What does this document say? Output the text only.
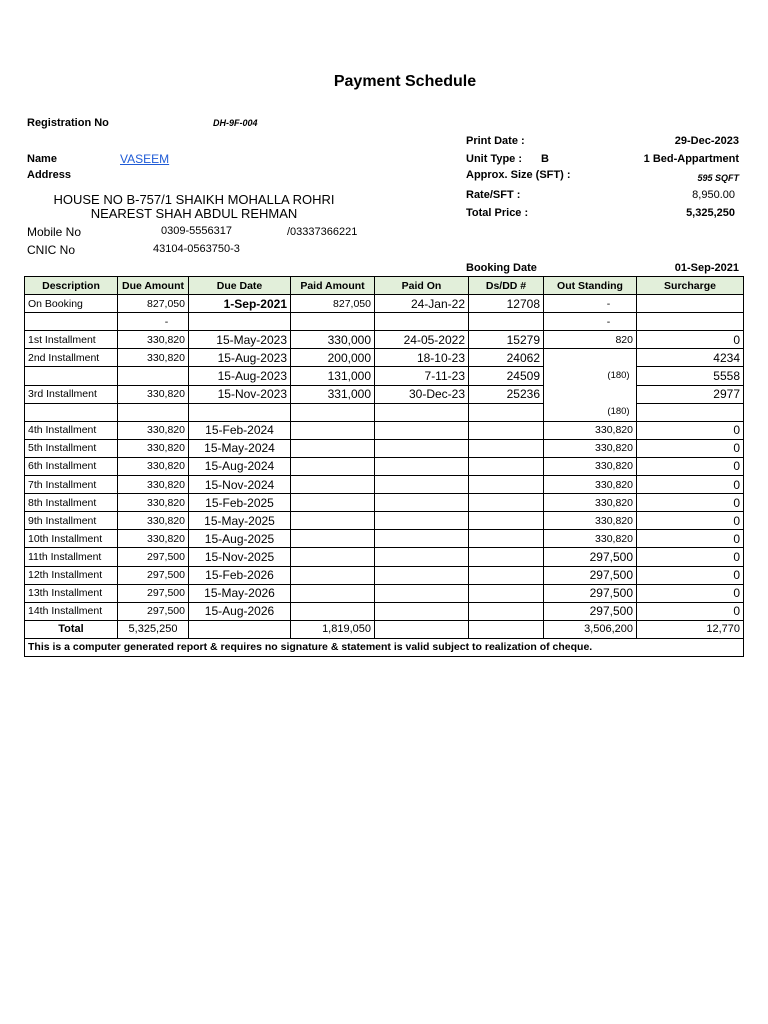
Payment Schedule
Registration No	DH-9F-004
Name	VASEEM
Address
HOUSE NO B-757/1 SHAIKH MOHALLA ROHRI
NEAREST SHAH ABDUL REHMAN
Mobile No	0309-5556317	/03337366221
CNIC No	43104-0563750-3
Print Date :	29-Dec-2023
Unit Type : B	1 Bed-Appartment
Approx. Size (SFT) :	595 SQFT
Rate/SFT :	8,950.00
Total Price :	5,325,250
Booking Date	01-Sep-2021
Description	Due Amount	Due Date	Paid Amount	Paid On	Ds/DD #	Out Standing	Surcharge
On Booking	827,050	1-Sep-2021	827,050	24-Jan-22	12708	-	
	-					-	
1st Installment	330,820	15-May-2023	330,000	24-05-2022	15279	820	0
2nd Installment	330,820	15-Aug-2023	200,000	18-10-23	24062		4234
		15-Aug-2023	131,000	7-11-23	24509	(180)	5558
3rd Installment	330,820	15-Nov-2023	331,000	30-Dec-23	25236		2977
						(180)	
4th Installment	330,820	15-Feb-2024				330,820	0
5th Installment	330,820	15-May-2024				330,820	0
6th Installment	330,820	15-Aug-2024				330,820	0
7th Installment	330,820	15-Nov-2024				330,820	0
8th Installment	330,820	15-Feb-2025				330,820	0
9th Installment	330,820	15-May-2025				330,820	0
10th Installment	330,820	15-Aug-2025				330,820	0
11th Installment	297,500	15-Nov-2025				297,500	0
12th Installment	297,500	15-Feb-2026				297,500	0
13th Installment	297,500	15-May-2026				297,500	0
14th Installment	297,500	15-Aug-2026				297,500	0
Total	5,325,250		1,819,050			3,506,200	12,770
This is a computer generated report & requires no signature & statement is valid subject to realization of cheque.							
